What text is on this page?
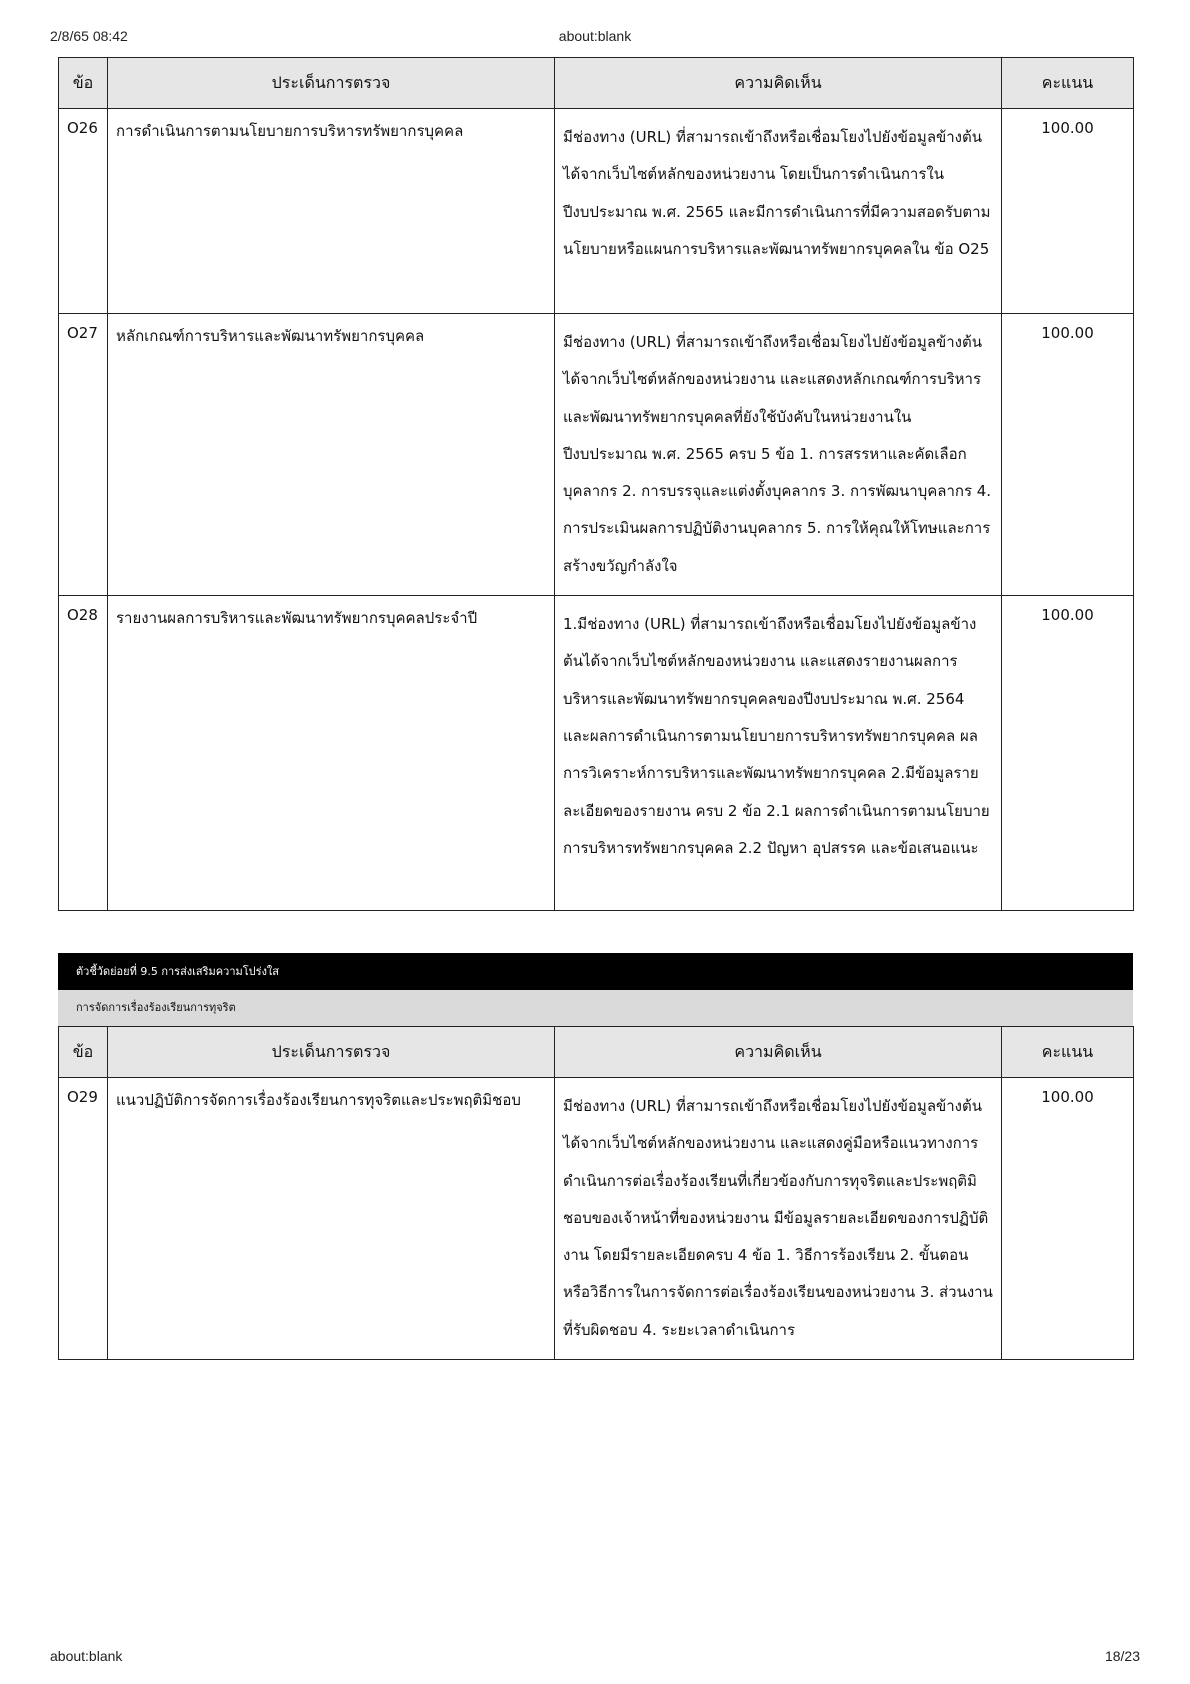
2/8/65 08:42	about:blank
ข้อ	ประเด็นการตรวจ	ความคิดเห็น	คะแนน
O26	การดำเนินการตามนโยบายการบริหารทรัพยากรบุคคล	มีช่องทาง (URL) ที่สามารถเข้าถึงหรือเชื่อมโยงไปยังข้อมูลข้างต้นได้จากเว็บไซต์หลักของหน่วยงาน โดยเป็นการดำเนินการในปีงบประมาณ พ.ศ. 2565 และมีการดำเนินการที่มีความสอดรับตามนโยบายหรือแผนการบริหารและพัฒนาทรัพยากรบุคคลใน ข้อ O25	100.00
O27	หลักเกณฑ์การบริหารและพัฒนาทรัพยากรบุคคล	มีช่องทาง (URL) ที่สามารถเข้าถึงหรือเชื่อมโยงไปยังข้อมูลข้างต้นได้จากเว็บไซต์หลักของหน่วยงาน และแสดงหลักเกณฑ์การบริหารและพัฒนาทรัพยากรบุคคลที่ยังใช้บังคับในหน่วยงานในปีงบประมาณ พ.ศ. 2565 ครบ 5 ข้อ 1. การสรรหาและคัดเลือกบุคลากร 2. การบรรจุและแต่งตั้งบุคลากร 3. การพัฒนาบุคลากร 4. การประเมินผลการปฏิบัติงานบุคลากร 5. การให้คุณให้โทษและการสร้างขวัญกำลังใจ	100.00
O28	รายงานผลการบริหารและพัฒนาทรัพยากรบุคคลประจำปี	1.มีช่องทาง (URL) ที่สามารถเข้าถึงหรือเชื่อมโยงไปยังข้อมูลข้างต้นได้จากเว็บไซต์หลักของหน่วยงาน และแสดงรายงานผลการบริหารและพัฒนาทรัพยากรบุคคลของปีงบประมาณ พ.ศ. 2564 และผลการดำเนินการตามนโยบายการบริหารทรัพยากรบุคคล ผลการวิเคราะห์การบริหารและพัฒนาทรัพยากรบุคคล 2.มีข้อมูลรายละเอียดของรายงาน ครบ 2 ข้อ 2.1 ผลการดำเนินการตามนโยบายการบริหารทรัพยากรบุคคล 2.2 ปัญหา อุปสรรค และข้อเสนอแนะ	100.00
ตัวชี้วัดย่อยที่ 9.5 การส่งเสริมความโปร่งใส
การจัดการเรื่องร้องเรียนการทุจริต
ข้อ	ประเด็นการตรวจ	ความคิดเห็น	คะแนน
O29	แนวปฏิบัติการจัดการเรื่องร้องเรียนการทุจริตและประพฤติมิชอบ	มีช่องทาง (URL) ที่สามารถเข้าถึงหรือเชื่อมโยงไปยังข้อมูลข้างต้นได้จากเว็บไซต์หลักของหน่วยงาน และแสดงคู่มือหรือแนวทางการดำเนินการต่อเรื่องร้องเรียนที่เกี่ยวข้องกับการทุจริตและประพฤติมิชอบของเจ้าหน้าที่ของหน่วยงาน มีข้อมูลรายละเอียดของการปฏิบัติงาน โดยมีรายละเอียดครบ 4 ข้อ 1. วิธีการร้องเรียน 2. ขั้นตอนหรือวิธีการในการจัดการต่อเรื่องร้องเรียนของหน่วยงาน 3. ส่วนงานที่รับผิดชอบ 4. ระยะเวลาดำเนินการ	100.00
about:blank	18/23
